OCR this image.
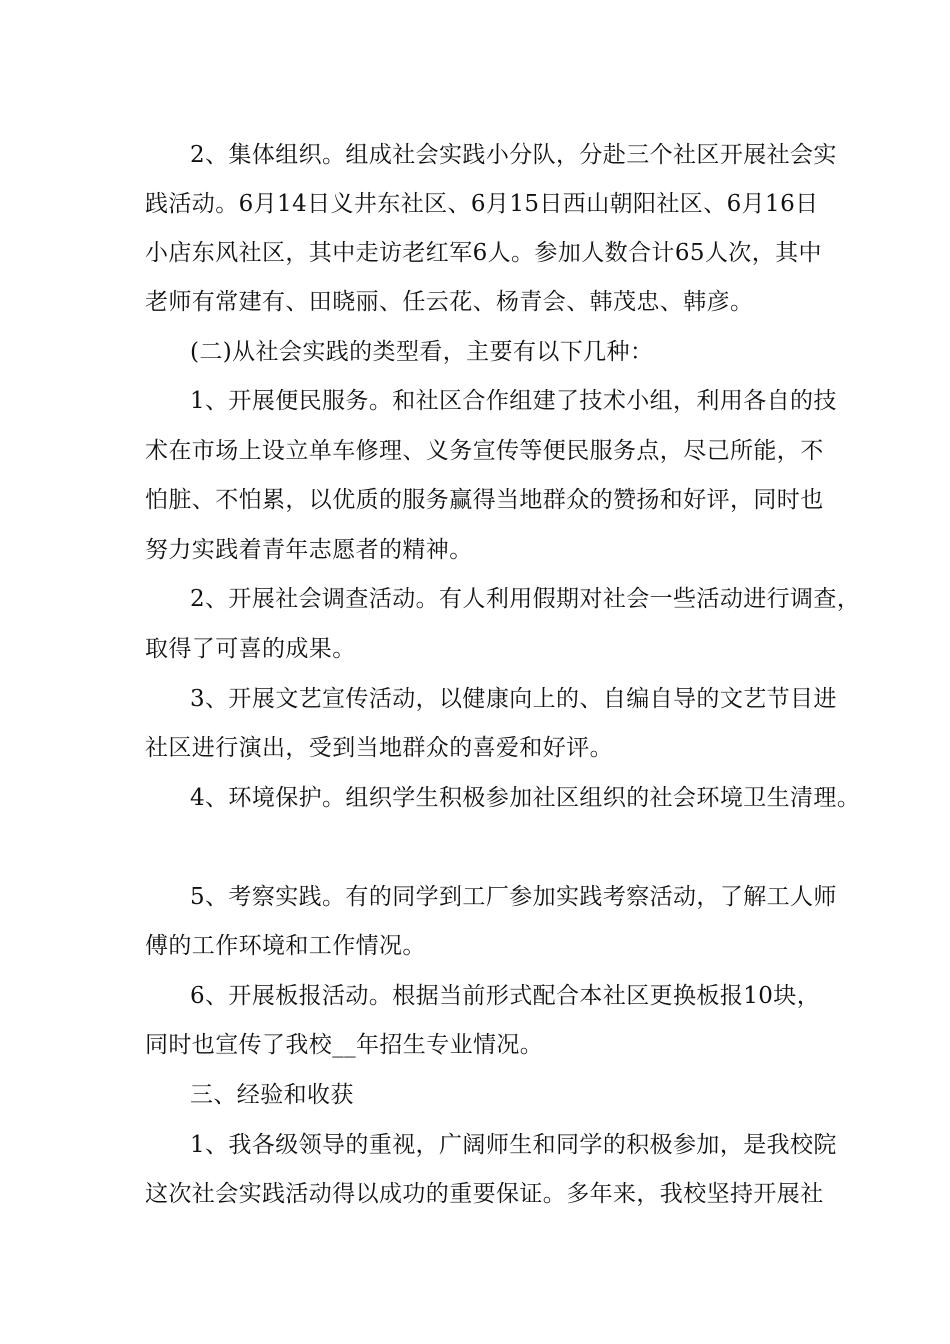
2、集体组织。组成社会实践小分队，分赴三个社区开展社会实
践活动。6月14日义井东社区、6月15日西山朝阳社区、6月16日
小店东风社区，其中走访老红军6人。参加人数合计65人次，其中
老师有常建有、田晓丽、任云花、杨青会、韩茂忠、韩彦。
(二)从社会实践的类型看，主要有以下几种：
1、开展便民服务。和社区合作组建了技术小组，利用各自的技
术在市场上设立单车修理、义务宣传等便民服务点，尽己所能，不
怕脏、不怕累，以优质的服务赢得当地群众的赞扬和好评，同时也
努力实践着青年志愿者的精神。
2、开展社会调查活动。有人利用假期对社会一些活动进行调查，
取得了可喜的成果。
3、开展文艺宣传活动，以健康向上的、自编自导的文艺节目进
社区进行演出，受到当地群众的喜爱和好评。
4、环境保护。组织学生积极参加社区组织的社会环境卫生清理。
5、考察实践。有的同学到工厂参加实践考察活动，了解工人师
傅的工作环境和工作情况。
6、开展板报活动。根据当前形式配合本社区更换板报10块，
同时也宣传了我校__年招生专业情况。
三、经验和收获
1、我各级领导的重视，广阔师生和同学的积极参加，是我校院
这次社会实践活动得以成功的重要保证。多年来，我校坚持开展社
